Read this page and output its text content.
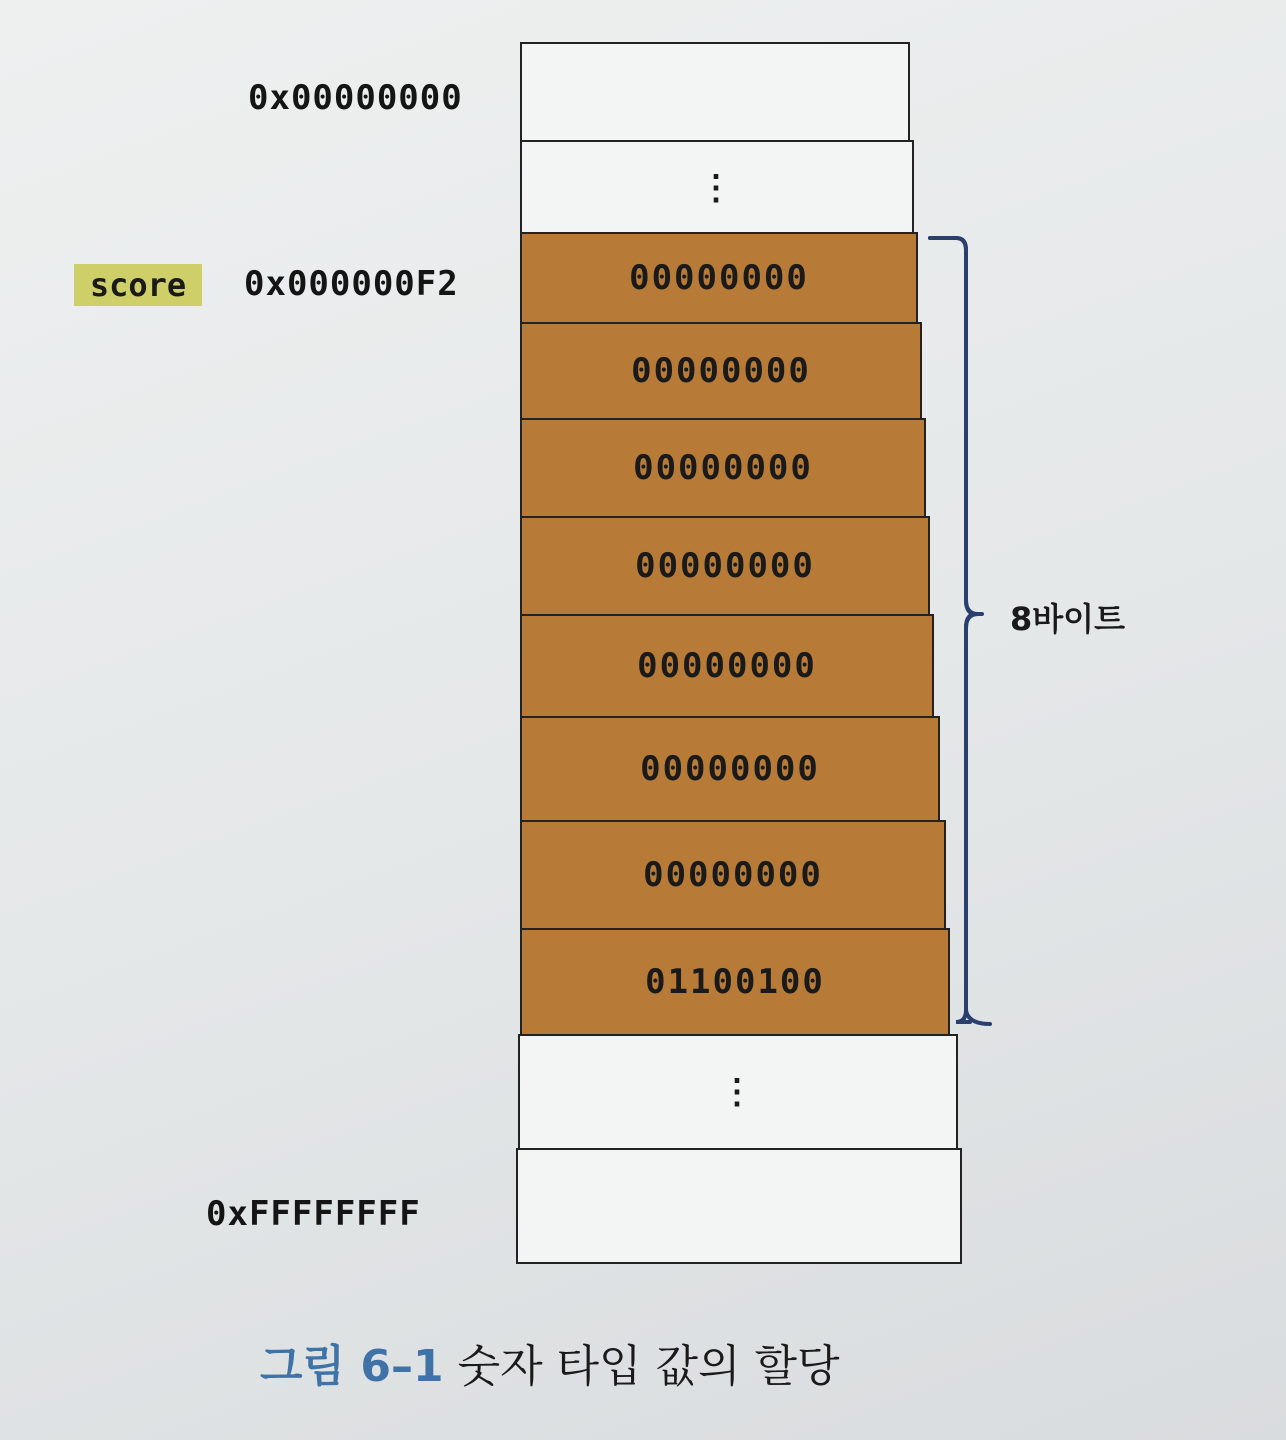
0x00000000
score	0x000000F2
0xFFFFFFFF
⋮
00000000
00000000
00000000
00000000
00000000
00000000
00000000
01100100
⋮
8바이트
그림 6–1 숫자 타입 값의 할당
